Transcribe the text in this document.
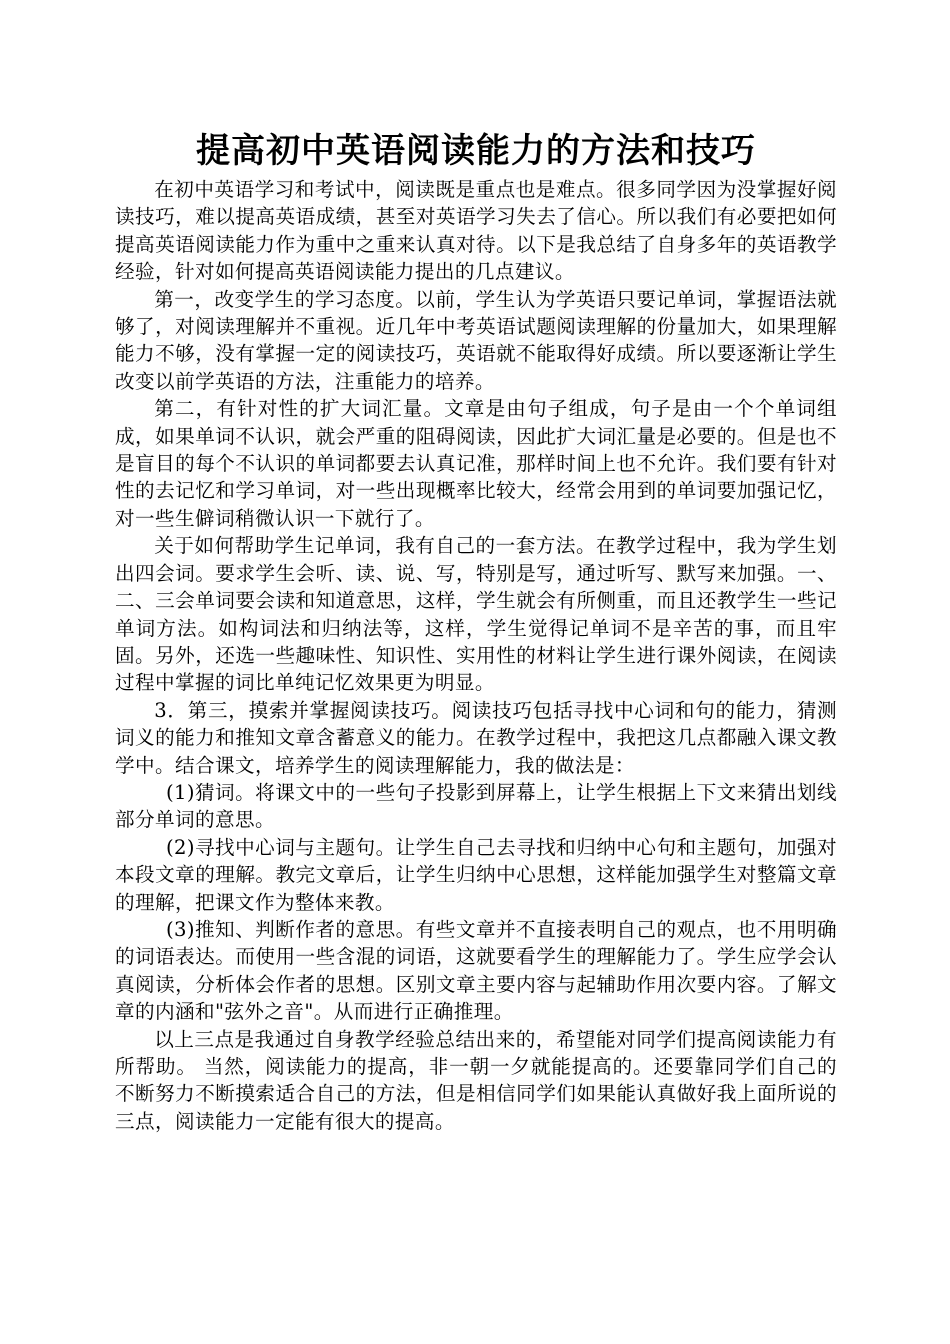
提高初中英语阅读能力的方法和技巧

在初中英语学习和考试中，阅读既是重点也是难点。很多同学因为没掌握好阅读技巧，难以提高英语成绩，甚至对英语学习失去了信心。所以我们有必要把如何提高英语阅读能力作为重中之重来认真对待。以下是我总结了自身多年的英语教学经验，针对如何提高英语阅读能力提出的几点建议。

第一，改变学生的学习态度。以前，学生认为学英语只要记单词，掌握语法就够了，对阅读理解并不重视。近几年中考英语试题阅读理解的份量加大，如果理解能力不够，没有掌握一定的阅读技巧，英语就不能取得好成绩。所以要逐渐让学生改变以前学英语的方法，注重能力的培养。

第二，有针对性的扩大词汇量。文章是由句子组成，句子是由一个个单词组成，如果单词不认识，就会严重的阻碍阅读，因此扩大词汇量是必要的。但是也不是盲目的每个不认识的单词都要去认真记准，那样时间上也不允许。我们要有针对性的去记忆和学习单词，对一些出现概率比较大，经常会用到的单词要加强记忆，对一些生僻词稍微认识一下就行了。

关于如何帮助学生记单词，我有自己的一套方法。在教学过程中，我为学生划出四会词。要求学生会听、读、说、写，特别是写，通过听写、默写来加强。一、二、三会单词要会读和知道意思，这样，学生就会有所侧重，而且还教学生一些记单词方法。如构词法和归纳法等，这样，学生觉得记单词不是辛苦的事，而且牢固。另外，还选一些趣味性、知识性、实用性的材料让学生进行课外阅读，在阅读过程中掌握的词比单纯记忆效果更为明显。

3．第三，摸索并掌握阅读技巧。阅读技巧包括寻找中心词和句的能力，猜测词义的能力和推知文章含蓄意义的能力。在教学过程中，我把这几点都融入课文教学中。结合课文，培养学生的阅读理解能力，我的做法是：

(1)猜词。将课文中的一些句子投影到屏幕上，让学生根据上下文来猜出划线部分单词的意思。

(2)寻找中心词与主题句。让学生自己去寻找和归纳中心句和主题句，加强对本段文章的理解。教完文章后，让学生归纳中心思想，这样能加强学生对整篇文章的理解，把课文作为整体来教。

(3)推知、判断作者的意思。有些文章并不直接表明自己的观点，也不用明确的词语表达。而使用一些含混的词语，这就要看学生的理解能力了。学生应学会认真阅读，分析体会作者的思想。区别文章主要内容与起辅助作用次要内容。了解文章的内涵和"弦外之音"。从而进行正确推理。

以上三点是我通过自身教学经验总结出来的，希望能对同学们提高阅读能力有所帮助。 当然，阅读能力的提高，非一朝一夕就能提高的。还要靠同学们自己的不断努力不断摸索适合自己的方法，但是相信同学们如果能认真做好我上面所说的三点，阅读能力一定能有很大的提高。
